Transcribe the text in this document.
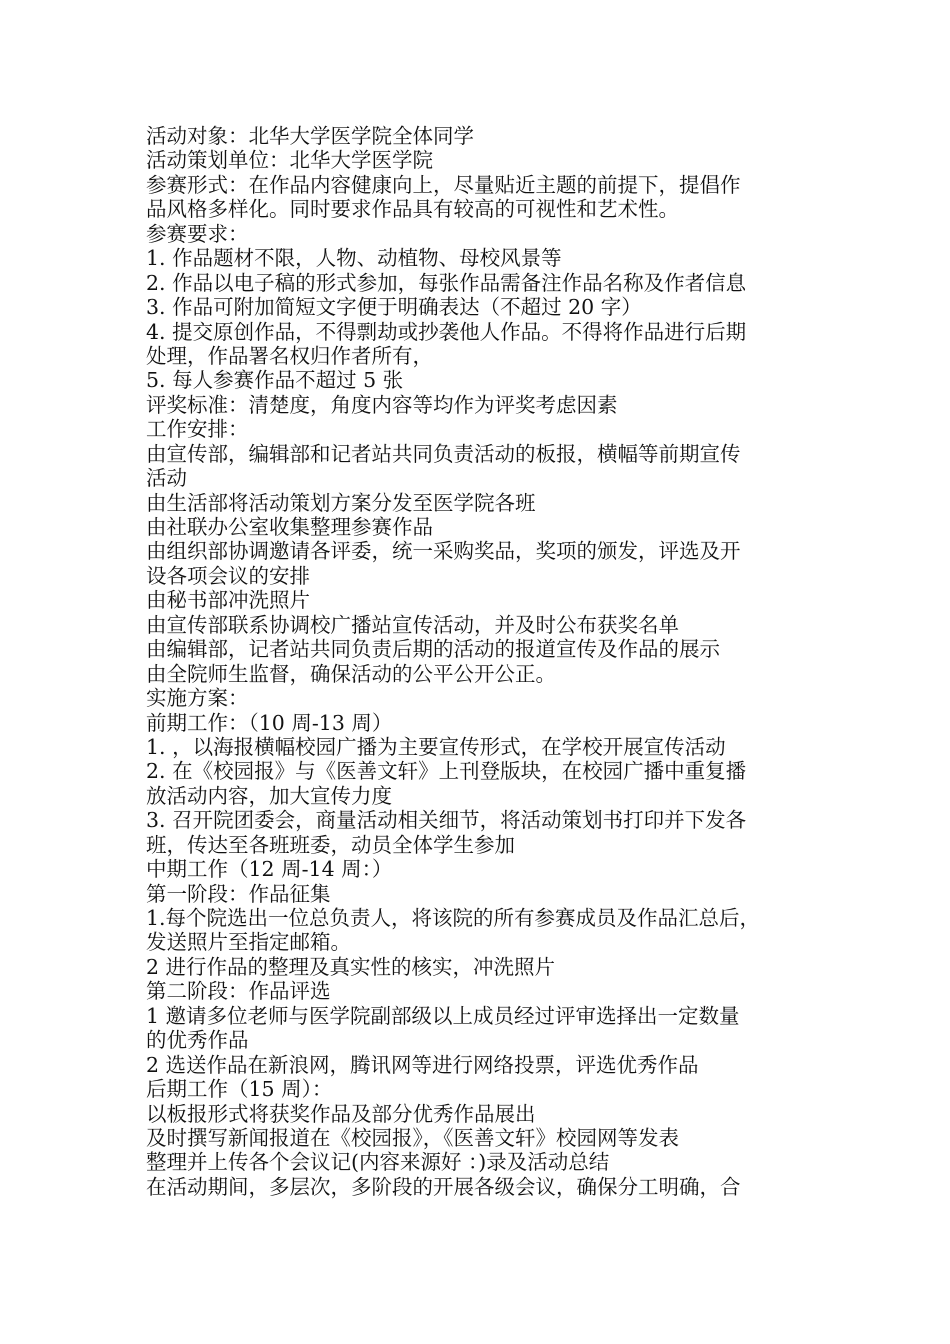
活动对象：北华大学医学院全体同学
活动策划单位：北华大学医学院
参赛形式：在作品内容健康向上，尽量贴近主题的前提下，提倡作
品风格多样化。同时要求作品具有较高的可视性和艺术性。
参赛要求：
1. 作品题材不限，人物、动植物、母校风景等
2. 作品以电子稿的形式参加，每张作品需备注作品名称及作者信息
3. 作品可附加简短文字便于明确表达（不超过 20 字）
4. 提交原创作品，不得剽劫或抄袭他人作品。不得将作品进行后期
处理，作品署名权归作者所有，
5. 每人参赛作品不超过 5 张
评奖标准：清楚度，角度内容等均作为评奖考虑因素
工作安排：
由宣传部，编辑部和记者站共同负责活动的板报，横幅等前期宣传
活动
由生活部将活动策划方案分发至医学院各班
由社联办公室收集整理参赛作品
由组织部协调邀请各评委，统一采购奖品，奖项的颁发，评选及开
设各项会议的安排
由秘书部冲洗照片
由宣传部联系协调校广播站宣传活动，并及时公布获奖名单
由编辑部，记者站共同负责后期的活动的报道宣传及作品的展示
由全院师生监督，确保活动的公平公开公正。
实施方案：
前期工作：（10 周-13 周）
1. ，以海报横幅校园广播为主要宣传形式，在学校开展宣传活动
2. 在《校园报》与《医善文轩》上刊登版块，在校园广播中重复播
放活动内容，加大宣传力度
3. 召开院团委会，商量活动相关细节，将活动策划书打印并下发各
班，传达至各班班委，动员全体学生参加
中期工作（12 周-14 周：）
第一阶段：作品征集
1.每个院选出一位总负责人，将该院的所有参赛成员及作品汇总后，
发送照片至指定邮箱。
2 进行作品的整理及真实性的核实，冲洗照片
第二阶段：作品评选
1 邀请多位老师与医学院副部级以上成员经过评审选择出一定数量
的优秀作品
2 选送作品在新浪网，腾讯网等进行网络投票，评选优秀作品
后期工作（15 周）：
以板报形式将获奖作品及部分优秀作品展出
及时撰写新闻报道在《校园报》，《医善文轩》校园网等发表
整理并上传各个会议记(内容来源好 ：)录及活动总结
在活动期间，多层次，多阶段的开展各级会议，确保分工明确，合
